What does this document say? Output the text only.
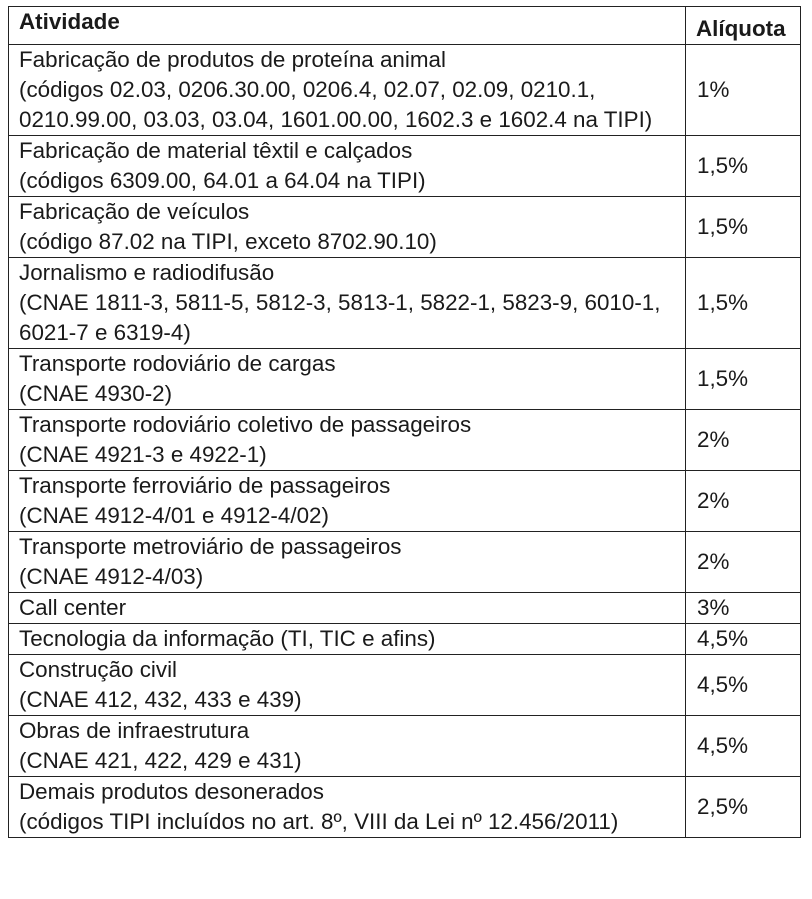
Atividade	Alíquota

Fabricação de produtos de proteína animal
(códigos 02.03, 0206.30.00, 0206.4, 02.07, 02.09, 0210.1, 0210.99.00, 03.03, 03.04, 1601.00.00, 1602.3 e 1602.4 na TIPI)	1%

Fabricação de material têxtil e calçados
(códigos 6309.00, 64.01 a 64.04 na TIPI)	1,5%

Fabricação de veículos
(código 87.02 na TIPI, exceto 8702.90.10)	1,5%

Jornalismo e radiodifusão
(CNAE 1811-3, 5811-5, 5812-3, 5813-1, 5822-1, 5823-9, 6010-1, 6021-7 e 6319-4)	1,5%

Transporte rodoviário de cargas
(CNAE 4930-2)	1,5%

Transporte rodoviário coletivo de passageiros
(CNAE 4921-3 e 4922-1)	2%

Transporte ferroviário de passageiros
(CNAE 4912-4/01 e 4912-4/02)	2%

Transporte metroviário de passageiros
(CNAE 4912-4/03)	2%

Call center	3%

Tecnologia da informação (TI, TIC e afins)	4,5%

Construção civil
(CNAE 412, 432, 433 e 439)	4,5%

Obras de infraestrutura
(CNAE 421, 422, 429 e 431)	4,5%

Demais produtos desonerados
(códigos TIPI incluídos no art. 8º, VIII da Lei nº 12.456/2011)	2,5%
